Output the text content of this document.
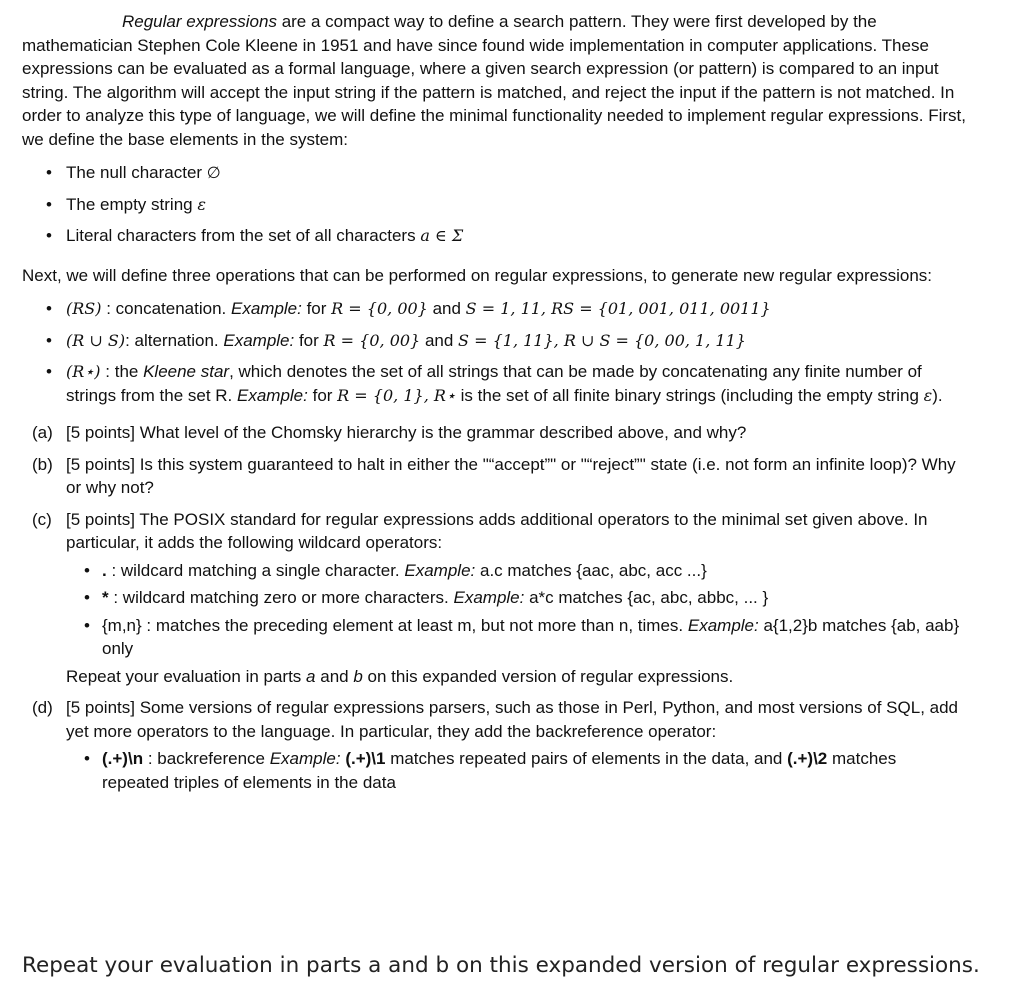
Regular expressions are a compact way to define a search pattern. They were first developed by the mathematician Stephen Cole Kleene in 1951 and have since found wide implementation in computer applications. These expressions can be evaluated as a formal language, where a given search expression (or pattern) is compared to an input string. The algorithm will accept the input string if the pattern is matched, and reject the input if the pattern is not matched. In order to analyze this type of language, we will define the minimal functionality needed to implement regular expressions. First, we define the base elements in the system:

• The null character ∅
• The empty string ε
• Literal characters from the set of all characters a ∈ Σ

Next, we will define three operations that can be performed on regular expressions, to generate new regular expressions:

• (RS) : concatenation. Example: for R = {0, 00} and S = 1, 11, RS = {01, 001, 011, 0011}
• (R ∪ S): alternation. Example: for R = {0, 00} and S = {1, 11}, R ∪ S = {0, 00, 1, 11}
• (R⋆) : the Kleene star, which denotes the set of all strings that can be made by concatenating any finite number of strings from the set R. Example: for R = {0, 1}, R⋆ is the set of all finite binary strings (including the empty string ε).
(a) [5 points] What level of the Chomsky hierarchy is the grammar described above, and why?
(b) [5 points] Is this system guaranteed to halt in either the "“accept”" or "“reject”" state (i.e. not form an infinite loop)? Why or why not?
(c) [5 points] The POSIX standard for regular expressions adds additional operators to the minimal set given above. In particular, it adds the following wildcard operators:
• . : wildcard matching a single character. Example: a.c matches {aac, abc, acc ...}
• * : wildcard matching zero or more characters. Example: a*c matches {ac, abc, abbc, ... }
• {m,n} : matches the preceding element at least m, but not more than n, times. Example: a{1,2}b matches {ab, aab} only
Repeat your evaluation in parts a and b on this expanded version of regular expressions.
(d) [5 points] Some versions of regular expressions parsers, such as those in Perl, Python, and most versions of SQL, add yet more operators to the language. In particular, they add the backreference operator:
• (.+)\n : backreference Example: (.+)\1 matches repeated pairs of elements in the data, and (.+)\2 matches repeated triples of elements in the data
Repeat your evaluation in parts a and b on this expanded version of regular expressions.
